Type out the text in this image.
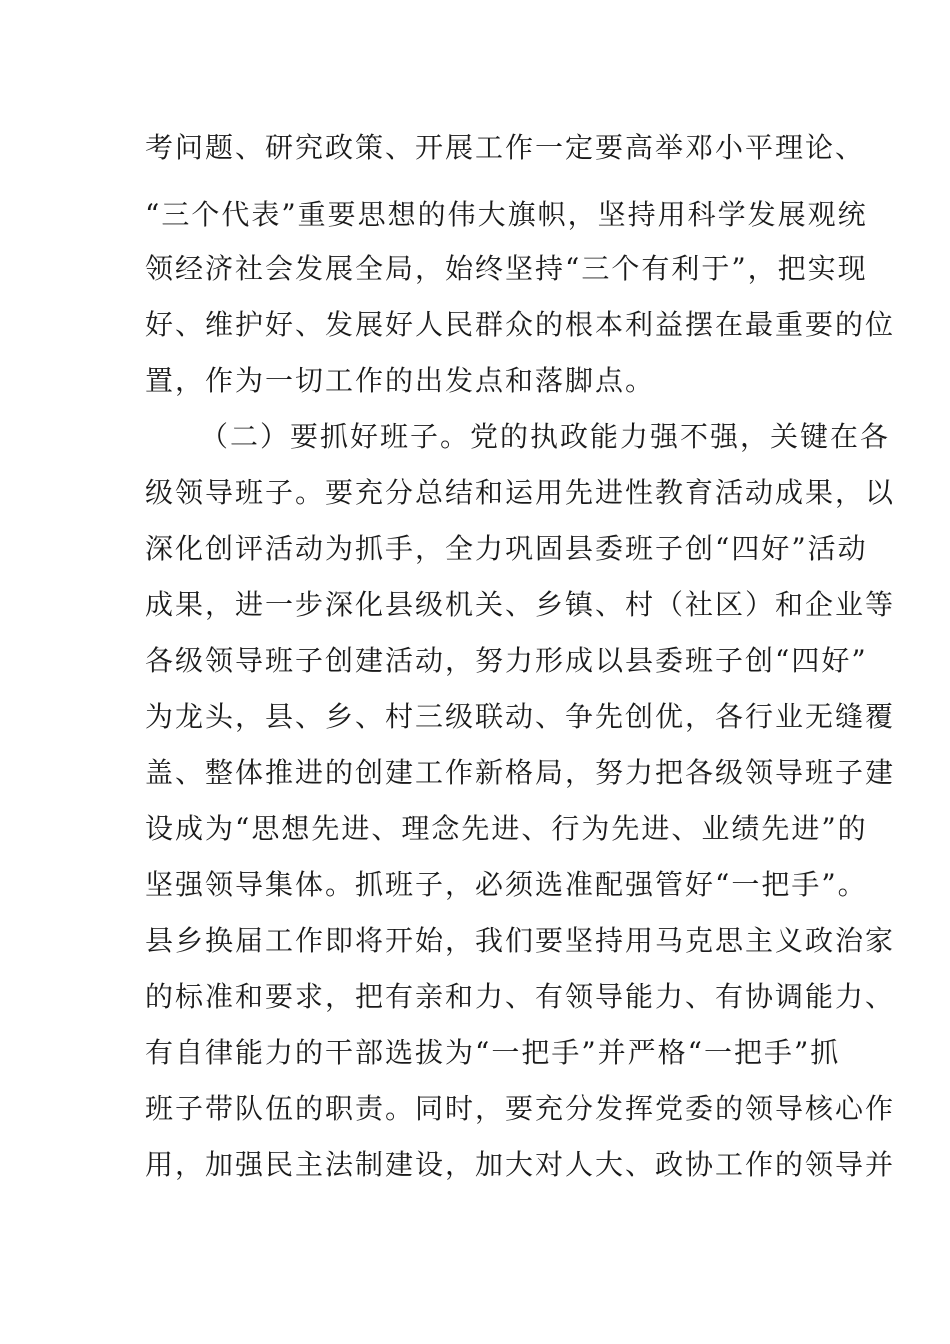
考问题、研究政策、开展工作一定要高举邓小平理论、
“三个代表”重要思想的伟大旗帜，坚持用科学发展观统
领经济社会发展全局，始终坚持“三个有利于”，把实现
好、维护好、发展好人民群众的根本利益摆在最重要的位
置，作为一切工作的出发点和落脚点。
（二）要抓好班子。党的执政能力强不强，关键在各
级领导班子。要充分总结和运用先进性教育活动成果，以
深化创评活动为抓手，全力巩固县委班子创“四好”活动
成果，进一步深化县级机关、乡镇、村（社区）和企业等
各级领导班子创建活动，努力形成以县委班子创“四好”
为龙头，县、乡、村三级联动、争先创优，各行业无缝覆
盖、整体推进的创建工作新格局，努力把各级领导班子建
设成为“思想先进、理念先进、行为先进、业绩先进”的
坚强领导集体。抓班子，必须选准配强管好“一把手”。
县乡换届工作即将开始，我们要坚持用马克思主义政治家
的标准和要求，把有亲和力、有领导能力、有协调能力、
有自律能力的干部选拔为“一把手”并严格“一把手”抓
班子带队伍的职责。同时，要充分发挥党委的领导核心作
用，加强民主法制建设，加大对人大、政协工作的领导并
